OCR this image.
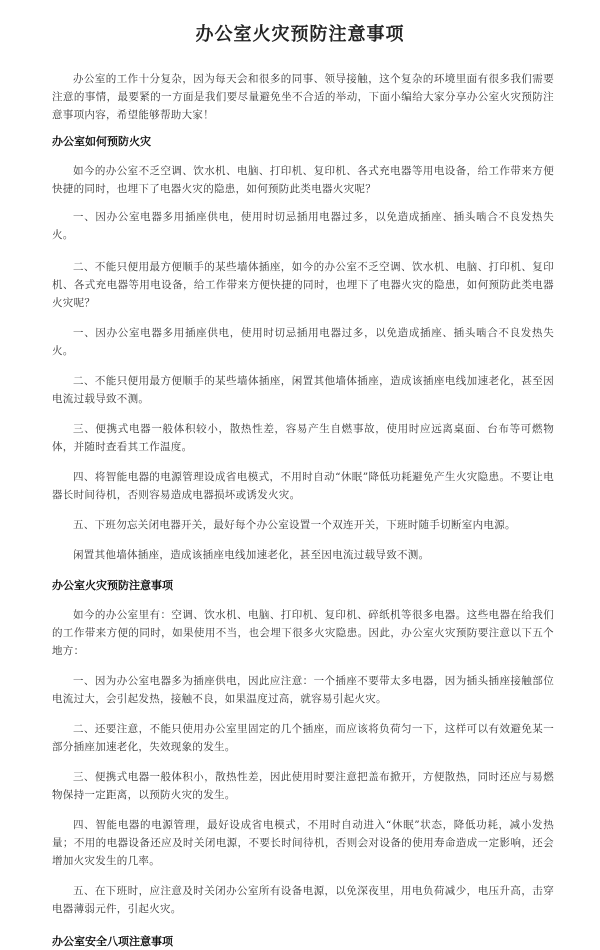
办公室火灾预防注意事项

办公室的工作十分复杂，因为每天会和很多的同事、领导接触，这个复杂的环境里面有很多我们需要注意的事情，最要紧的一方面是我们要尽量避免坐不合适的举动，下面小编给大家分享办公室火灾预防注意事项内容，希望能够帮助大家！

办公室如何预防火灾

如今的办公室不乏空调、饮水机、电脑、打印机、复印机、各式充电器等用电设备，给工作带来方便快捷的同时，也埋下了电器火灾的隐患，如何预防此类电器火灾呢？

一、因办公室电器多用插座供电，使用时切忌插用电器过多，以免造成插座、插头啮合不良发热失火。

二、不能只便用最方便顺手的某些墙体插座，如今的办公室不乏空调、饮水机、电脑、打印机、复印机、各式充电器等用电设备，给工作带来方便快捷的同时，也埋下了电器火灾的隐患，如何预防此类电器火灾呢？

一、因办公室电器多用插座供电，使用时切忌插用电器过多，以免造成插座、插头啮合不良发热失火。

二、不能只便用最方便顺手的某些墙体插座，闲置其他墙体插座，造成该插座电线加速老化，甚至因电流过载导致不测。

三、便携式电器一般体积较小，散热性差，容易产生自燃事故，使用时应远离桌面、台布等可燃物体，并随时查看其工作温度。

四、将智能电器的电源管理设成省电模式，不用时自动“休眠”降低功耗避免产生火灾隐患。不要让电器长时间待机，否则容易造成电器损坏或诱发火灾。

五、下班勿忘关闭电器开关，最好每个办公室设置一个双连开关，下班时随手切断室内电源。

闲置其他墙体插座，造成该插座电线加速老化，甚至因电流过载导致不测。

办公室火灾预防注意事项

如今的办公室里有：空调、饮水机、电脑、打印机、复印机、碎纸机等很多电器。这些电器在给我们的工作带来方便的同时，如果使用不当，也会埋下很多火灾隐患。因此，办公室火灾预防要注意以下五个地方：

一、因为办公室电器多为插座供电，因此应注意：一个插座不要带太多电器，因为插头插座接触部位电流过大，会引起发热，接触不良，如果温度过高，就容易引起火灾。

二、还要注意，不能只使用办公室里固定的几个插座，而应该将负荷匀一下，这样可以有效避免某一部分插座加速老化，失效现象的发生。

三、便携式电器一般体积小，散热性差，因此使用时要注意把盖布掀开，方便散热，同时还应与易燃物保持一定距离，以预防火灾的发生。

四、智能电器的电源管理，最好设成省电模式，不用时自动进入“休眠”状态，降低功耗，减小发热量；不用的电器设备还应及时关闭电源，不要长时间待机，否则会对设备的使用寿命造成一定影响，还会增加火灾发生的几率。

五、在下班时，应注意及时关闭办公室所有设备电源，以免深夜里，用电负荷减少，电压升高，击穿电器薄弱元件，引起火灾。

办公室安全八项注意事项
